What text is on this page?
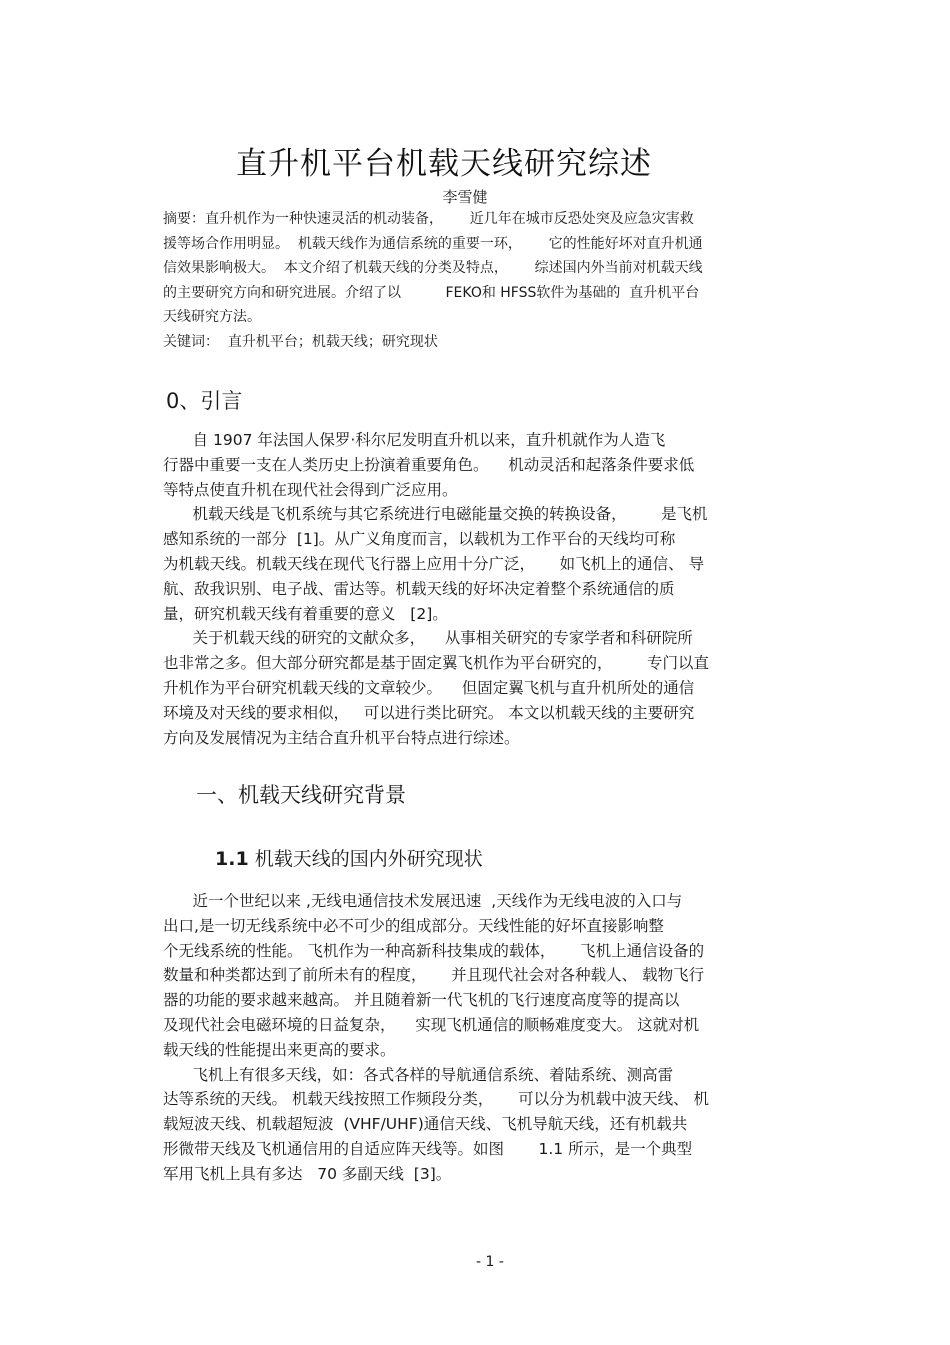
直升机平台机载天线研究综述
李雪健
摘要：直升机作为一种快速灵活的机动装备，      近几年在城市反恐处突及应急灾害救
援等场合作用明显。  机载天线作为通信系统的重要一环，      它的性能好坏对直升机通
信效果影响极大。  本文介绍了机载天线的分类及特点，      综述国内外当前对机载天线
的主要研究方向和研究进展。介绍了以          FEKO和 HFSS软件为基础的  直升机平台
天线研究方法。
关键词：  直升机平台；机载天线；研究现状
0、引言
自 1907 年法国人保罗·科尔尼发明直升机以来，直升机就作为人造飞
行器中重要一支在人类历史上扮演着重要角色。    机动灵活和起落条件要求低
等特点使直升机在现代社会得到广泛应用。
机载天线是飞机系统与其它系统进行电磁能量交换的转换设备，       是飞机
感知系统的一部分  [1]。从广义角度而言，以载机为工作平台的天线均可称
为机载天线。机载天线在现代飞行器上应用十分广泛，     如飞机上的通信、 导
航、敌我识别、电子战、雷达等。机载天线的好坏决定着整个系统通信的质
量，研究机载天线有着重要的意义   [2]。
关于机载天线的研究的文献众多，    从事相关研究的专家学者和科研院所
也非常之多。但大部分研究都是基于固定翼飞机作为平台研究的，       专门以直
升机作为平台研究机载天线的文章较少。    但固定翼飞机与直升机所处的通信
环境及对天线的要求相似，   可以进行类比研究。 本文以机载天线的主要研究
方向及发展情况为主结合直升机平台特点进行综述。
一、机载天线研究背景
1.1 机载天线的国内外研究现状
近一个世纪以来 ,无线电通信技术发展迅速  ,天线作为无线电波的入口与
出口,是一切无线系统中必不可少的组成部分。天线性能的好坏直接影响整
个无线系统的性能。 飞机作为一种高新科技集成的载体，     飞机上通信设备的
数量和种类都达到了前所未有的程度，     并且现代社会对各种载人、 载物飞行
器的功能的要求越来越高。 并且随着新一代飞机的飞行速度高度等的提高以
及现代社会电磁环境的日益复杂，    实现飞机通信的顺畅难度变大。 这就对机
载天线的性能提出来更高的要求。
飞机上有很多天线，如：各式各样的导航通信系统、着陆系统、测高雷
达等系统的天线。 机载天线按照工作频段分类，     可以分为机载中波天线、 机
载短波天线、机载超短波  (VHF/UHF)通信天线、飞机导航天线，还有机载共
形微带天线及飞机通信用的自适应阵天线等。如图       1.1 所示，是一个典型
军用飞机上具有多达   70 多副天线  [3]。
- 1 -
